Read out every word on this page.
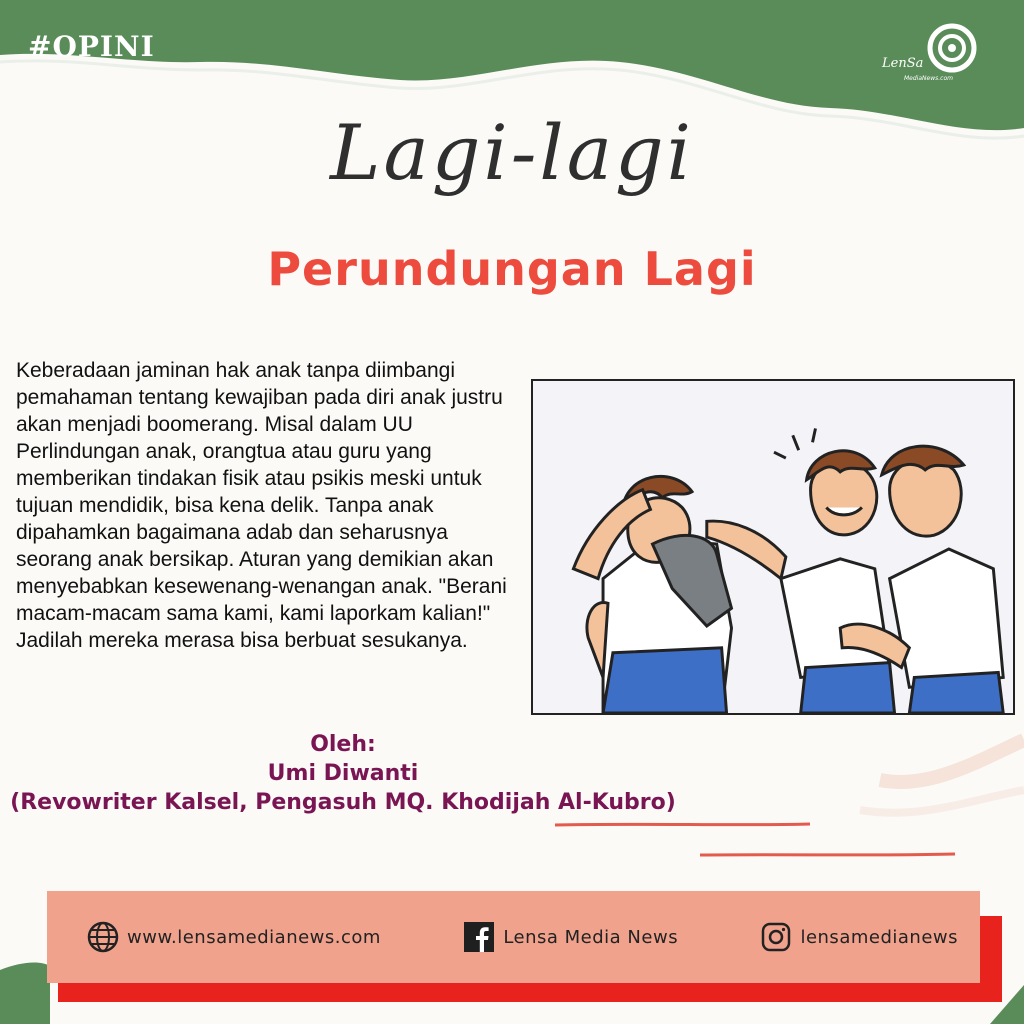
#OPINI
LenSa
MediaNews.com
Lagi-lagi
Perundungan Lagi
Keberadaan jaminan hak anak tanpa diimbangi pemahaman tentang kewajiban pada diri anak justru akan menjadi boomerang. Misal dalam UU Perlindungan anak, orangtua atau guru yang memberikan tindakan fisik atau psikis meski untuk tujuan mendidik, bisa kena delik. Tanpa anak dipahamkan bagaimana adab dan seharusnya seorang anak bersikap. Aturan yang demikian akan menyebabkan kesewenang-wenangan anak. "Berani macam-macam sama kami, kami laporkam kalian!" Jadilah mereka merasa bisa berbuat sesukanya.
Oleh:
Umi Diwanti
(Revowriter Kalsel, Pengasuh MQ. Khodijah Al-Kubro)
www.lensamedianews.com	Lensa Media News	lensamedianews
